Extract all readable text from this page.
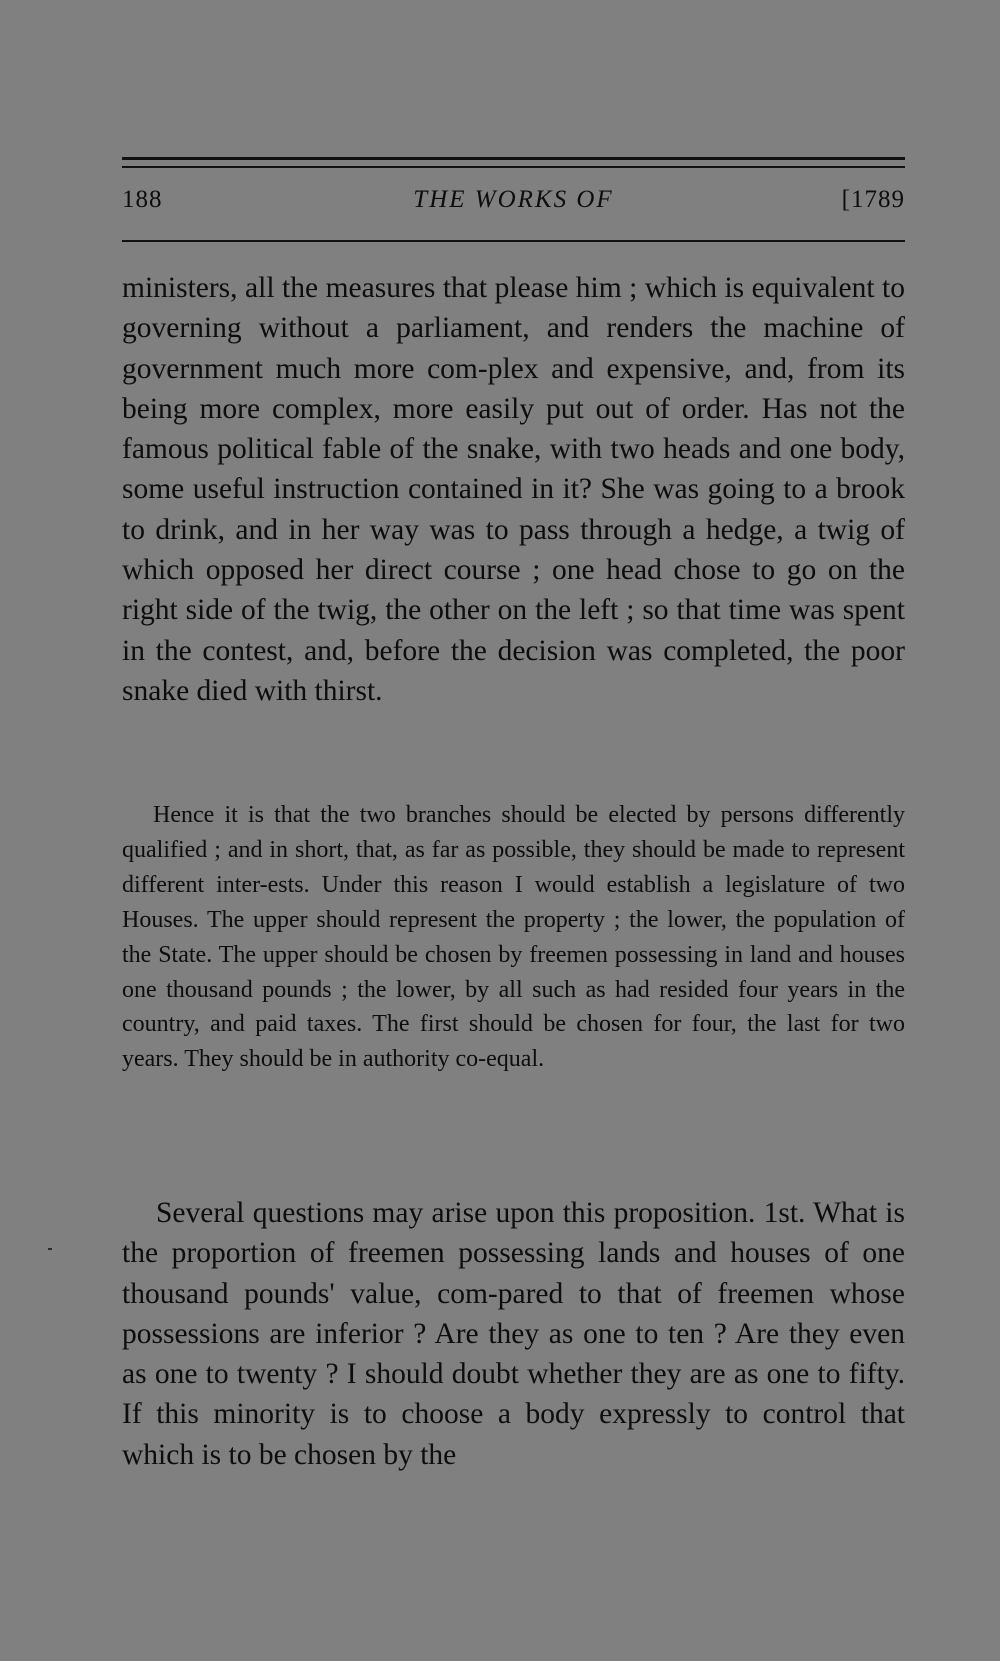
188	THE WORKS OF	[1789

ministers, all the measures that please him ; which is equivalent to governing without a parliament, and renders the machine of government much more com-plex and expensive, and, from its being more complex, more easily put out of order. Has not the famous political fable of the snake, with two heads and one body, some useful instruction contained in it? She was going to a brook to drink, and in her way was to pass through a hedge, a twig of which opposed her direct course ; one head chose to go on the right side of the twig, the other on the left ; so that time was spent in the contest, and, before the decision was completed, the poor snake died with thirst.

Hence it is that the two branches should be elected by persons differently qualified ; and in short, that, as far as possible, they should be made to represent different inter-ests. Under this reason I would establish a legislature of two Houses. The upper should represent the property ; the lower, the population of the State. The upper should be chosen by freemen possessing in land and houses one thousand pounds ; the lower, by all such as had resided four years in the country, and paid taxes. The first should be chosen for four, the last for two years. They should be in authority co-equal.

Several questions may arise upon this proposition. 1st. What is the proportion of freemen possessing lands and houses of one thousand pounds' value, com-pared to that of freemen whose possessions are inferior ? Are they as one to ten ? Are they even as one to twenty ? I should doubt whether they are as one to fifty. If this minority is to choose a body expressly to control that which is to be chosen by the
